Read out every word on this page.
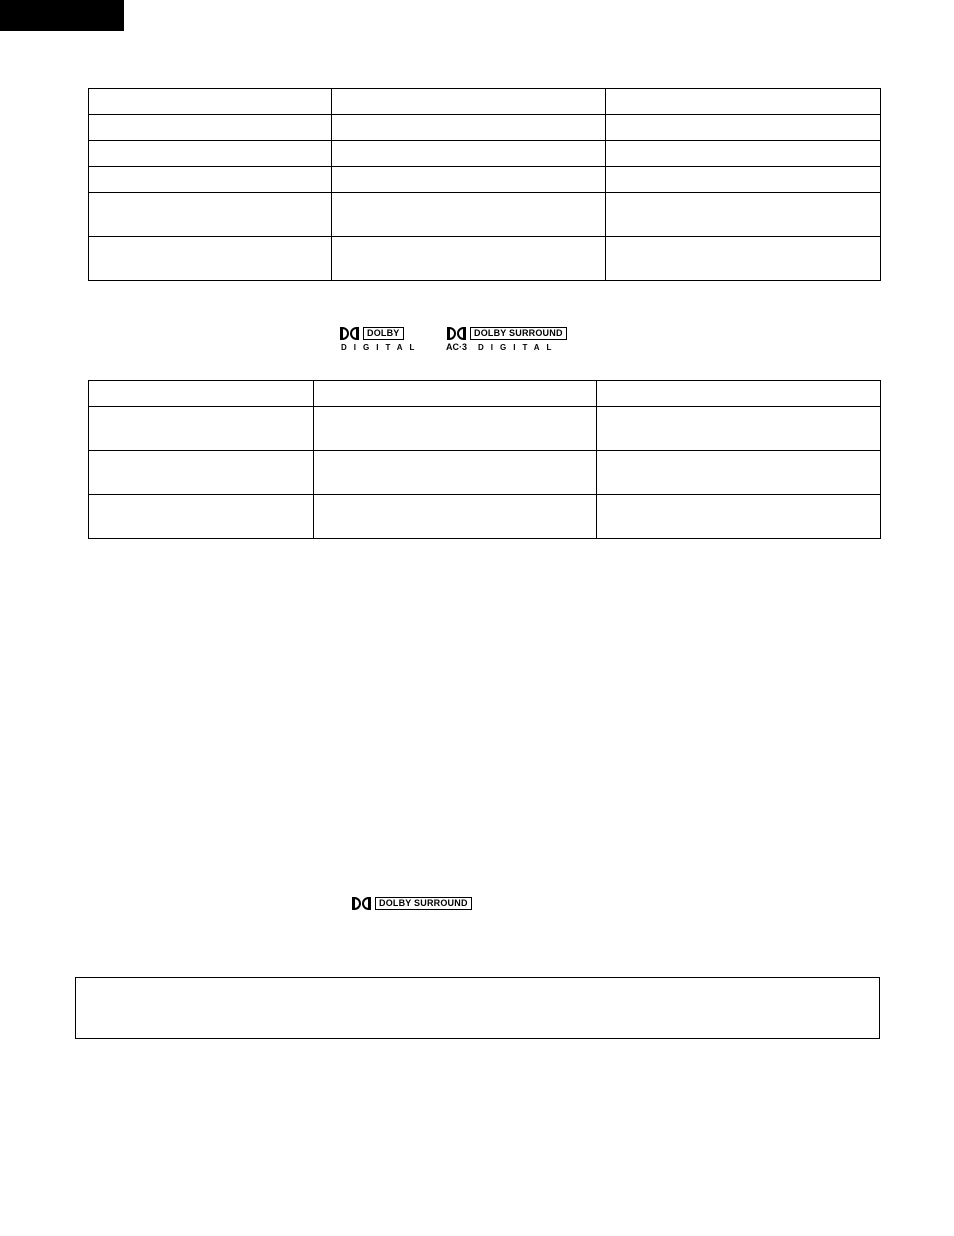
DOLBY
DIGITAL
DOLBY SURROUND
AC·3 DIGITAL

DOLBY SURROUND
